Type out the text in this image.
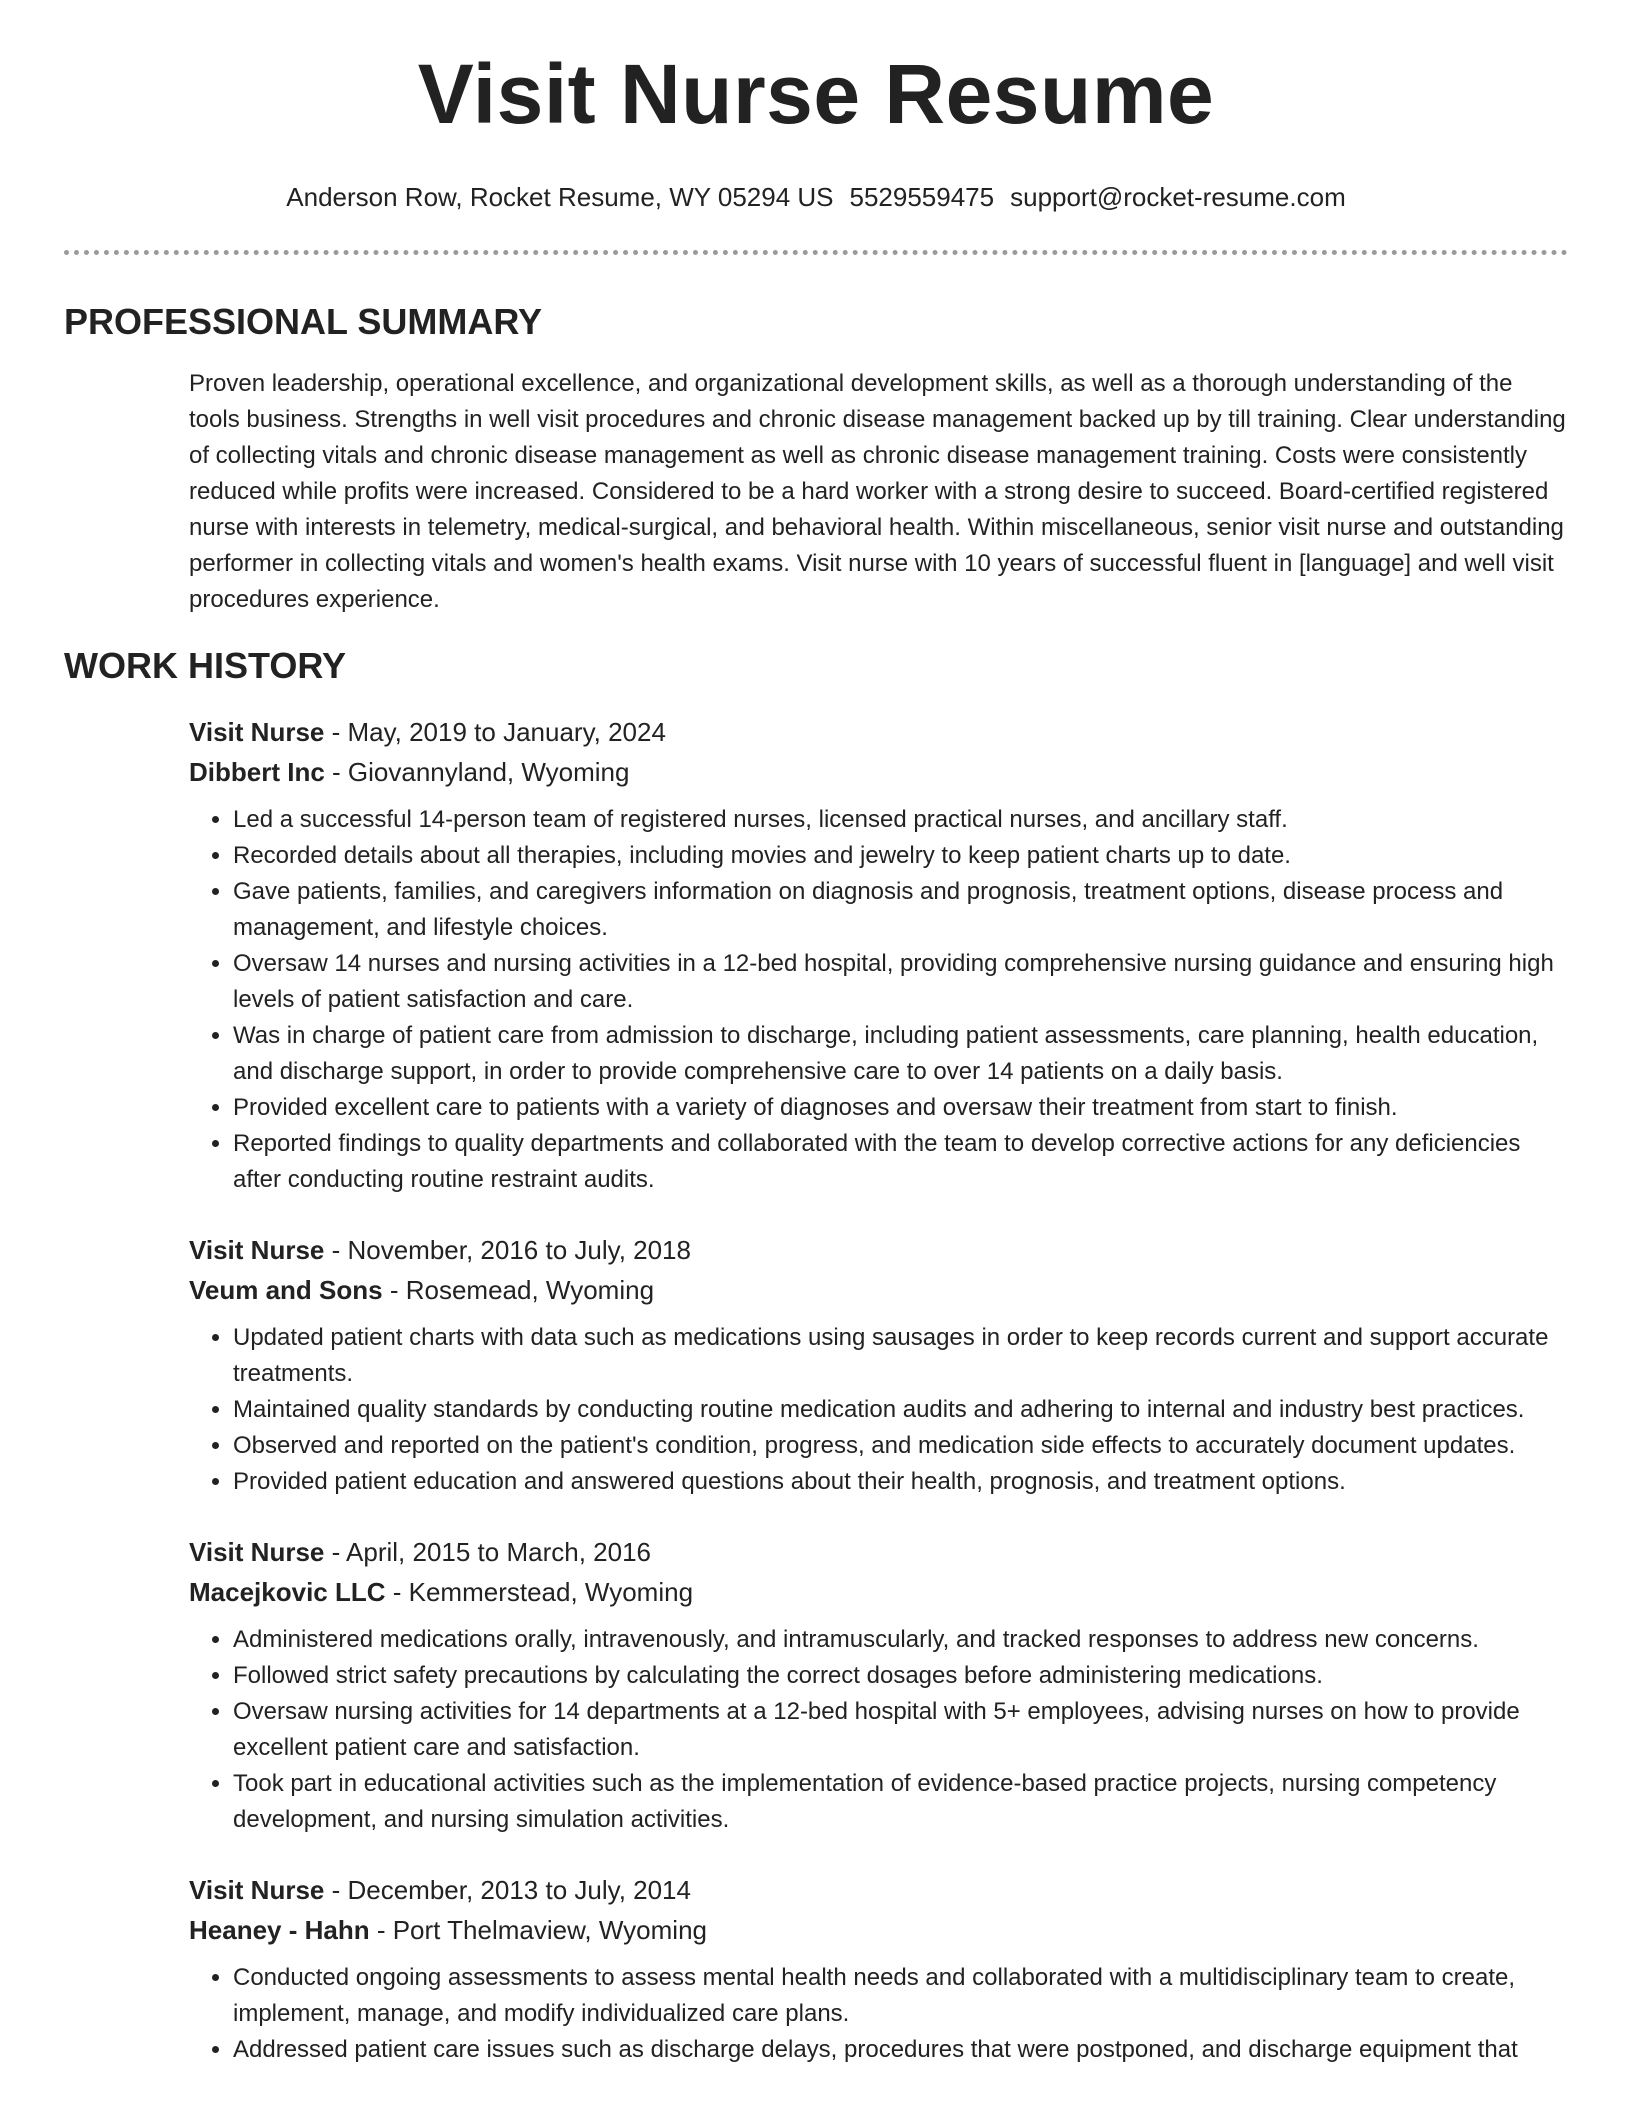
Visit Nurse Resume
Anderson Row, Rocket Resume, WY 05294 US 5529559475 support@rocket-resume.com
PROFESSIONAL SUMMARY
Proven leadership, operational excellence, and organizational development skills, as well as a thorough understanding of the tools business. Strengths in well visit procedures and chronic disease management backed up by till training. Clear understanding of collecting vitals and chronic disease management as well as chronic disease management training. Costs were consistently reduced while profits were increased. Considered to be a hard worker with a strong desire to succeed. Board-certified registered nurse with interests in telemetry, medical-surgical, and behavioral health. Within miscellaneous, senior visit nurse and outstanding performer in collecting vitals and women's health exams. Visit nurse with 10 years of successful fluent in [language] and well visit procedures experience.
WORK HISTORY
Visit Nurse - May, 2019 to January, 2024
Dibbert Inc - Giovannyland, Wyoming
• Led a successful 14-person team of registered nurses, licensed practical nurses, and ancillary staff.
• Recorded details about all therapies, including movies and jewelry to keep patient charts up to date.
• Gave patients, families, and caregivers information on diagnosis and prognosis, treatment options, disease process and management, and lifestyle choices.
• Oversaw 14 nurses and nursing activities in a 12-bed hospital, providing comprehensive nursing guidance and ensuring high levels of patient satisfaction and care.
• Was in charge of patient care from admission to discharge, including patient assessments, care planning, health education, and discharge support, in order to provide comprehensive care to over 14 patients on a daily basis.
• Provided excellent care to patients with a variety of diagnoses and oversaw their treatment from start to finish.
• Reported findings to quality departments and collaborated with the team to develop corrective actions for any deficiencies after conducting routine restraint audits.
Visit Nurse - November, 2016 to July, 2018
Veum and Sons - Rosemead, Wyoming
• Updated patient charts with data such as medications using sausages in order to keep records current and support accurate treatments.
• Maintained quality standards by conducting routine medication audits and adhering to internal and industry best practices.
• Observed and reported on the patient's condition, progress, and medication side effects to accurately document updates.
• Provided patient education and answered questions about their health, prognosis, and treatment options.
Visit Nurse - April, 2015 to March, 2016
Macejkovic LLC - Kemmerstead, Wyoming
• Administered medications orally, intravenously, and intramuscularly, and tracked responses to address new concerns.
• Followed strict safety precautions by calculating the correct dosages before administering medications.
• Oversaw nursing activities for 14 departments at a 12-bed hospital with 5+ employees, advising nurses on how to provide excellent patient care and satisfaction.
• Took part in educational activities such as the implementation of evidence-based practice projects, nursing competency development, and nursing simulation activities.
Visit Nurse - December, 2013 to July, 2014
Heaney - Hahn - Port Thelmaview, Wyoming
• Conducted ongoing assessments to assess mental health needs and collaborated with a multidisciplinary team to create, implement, manage, and modify individualized care plans.
• Addressed patient care issues such as discharge delays, procedures that were postponed, and discharge equipment that
